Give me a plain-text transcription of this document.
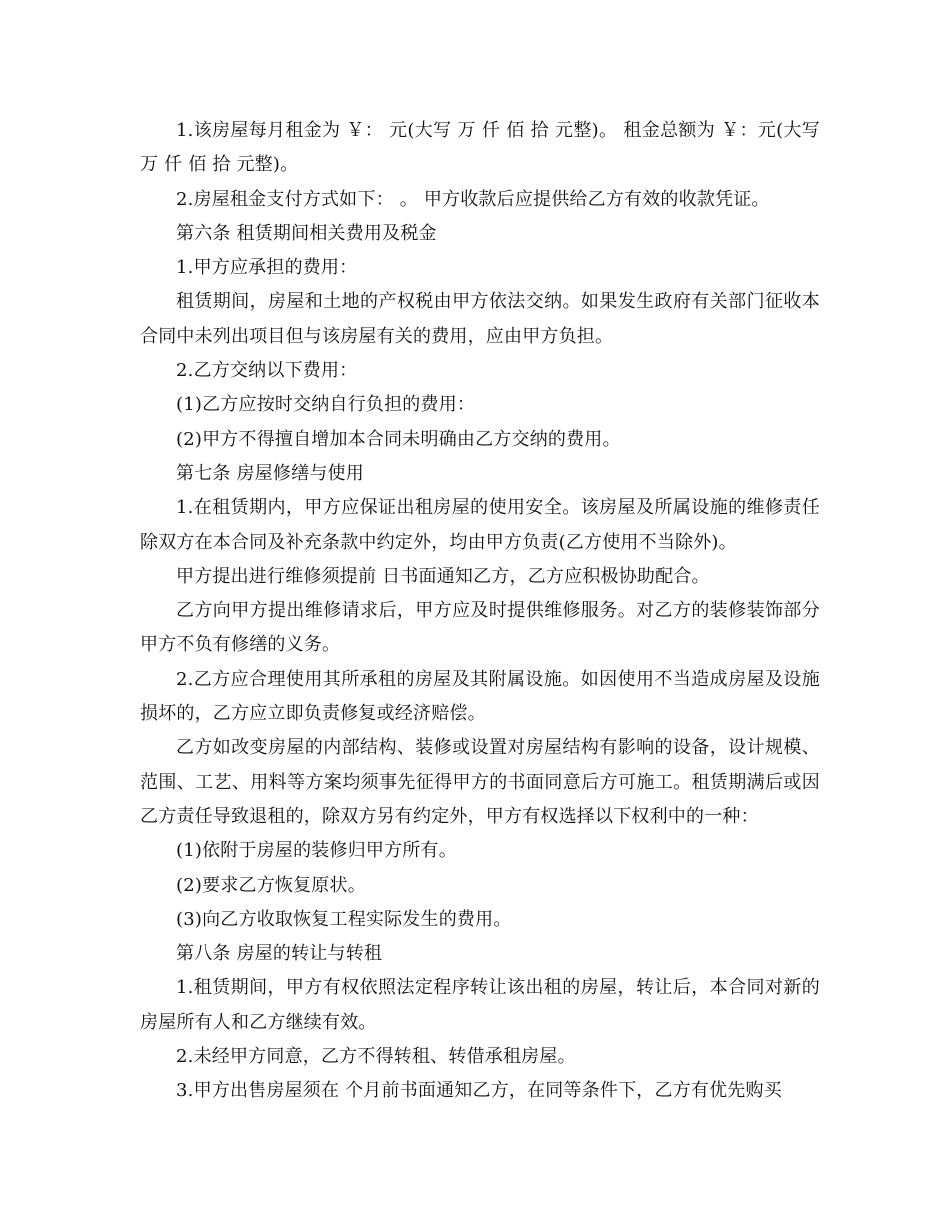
1.该房屋每月租金为 ￥： 元(大写 万 仟 佰 拾 元整)。 租金总额为 ￥：元(大写 万 仟 佰 拾 元整)。

2.房屋租金支付方式如下： 。 甲方收款后应提供给乙方有效的收款凭证。

第六条 租赁期间相关费用及税金

1.甲方应承担的费用：

租赁期间，房屋和土地的产权税由甲方依法交纳。如果发生政府有关部门征收本合同中未列出项目但与该房屋有关的费用，应由甲方负担。

2.乙方交纳以下费用：

(1)乙方应按时交纳自行负担的费用：

(2)甲方不得擅自增加本合同未明确由乙方交纳的费用。

第七条 房屋修缮与使用

1.在租赁期内，甲方应保证出租房屋的使用安全。该房屋及所属设施的维修责任除双方在本合同及补充条款中约定外，均由甲方负责(乙方使用不当除外)。

甲方提出进行维修须提前 日书面通知乙方，乙方应积极协助配合。

乙方向甲方提出维修请求后，甲方应及时提供维修服务。对乙方的装修装饰部分甲方不负有修缮的义务。

2.乙方应合理使用其所承租的房屋及其附属设施。如因使用不当造成房屋及设施损坏的，乙方应立即负责修复或经济赔偿。

乙方如改变房屋的内部结构、装修或设置对房屋结构有影响的设备，设计规模、范围、工艺、用料等方案均须事先征得甲方的书面同意后方可施工。租赁期满后或因乙方责任导致退租的，除双方另有约定外，甲方有权选择以下权利中的一种：

(1)依附于房屋的装修归甲方所有。

(2)要求乙方恢复原状。

(3)向乙方收取恢复工程实际发生的费用。

第八条 房屋的转让与转租

1.租赁期间，甲方有权依照法定程序转让该出租的房屋，转让后，本合同对新的房屋所有人和乙方继续有效。

2.未经甲方同意，乙方不得转租、转借承租房屋。

3.甲方出售房屋须在 个月前书面通知乙方，在同等条件下，乙方有优先购买
